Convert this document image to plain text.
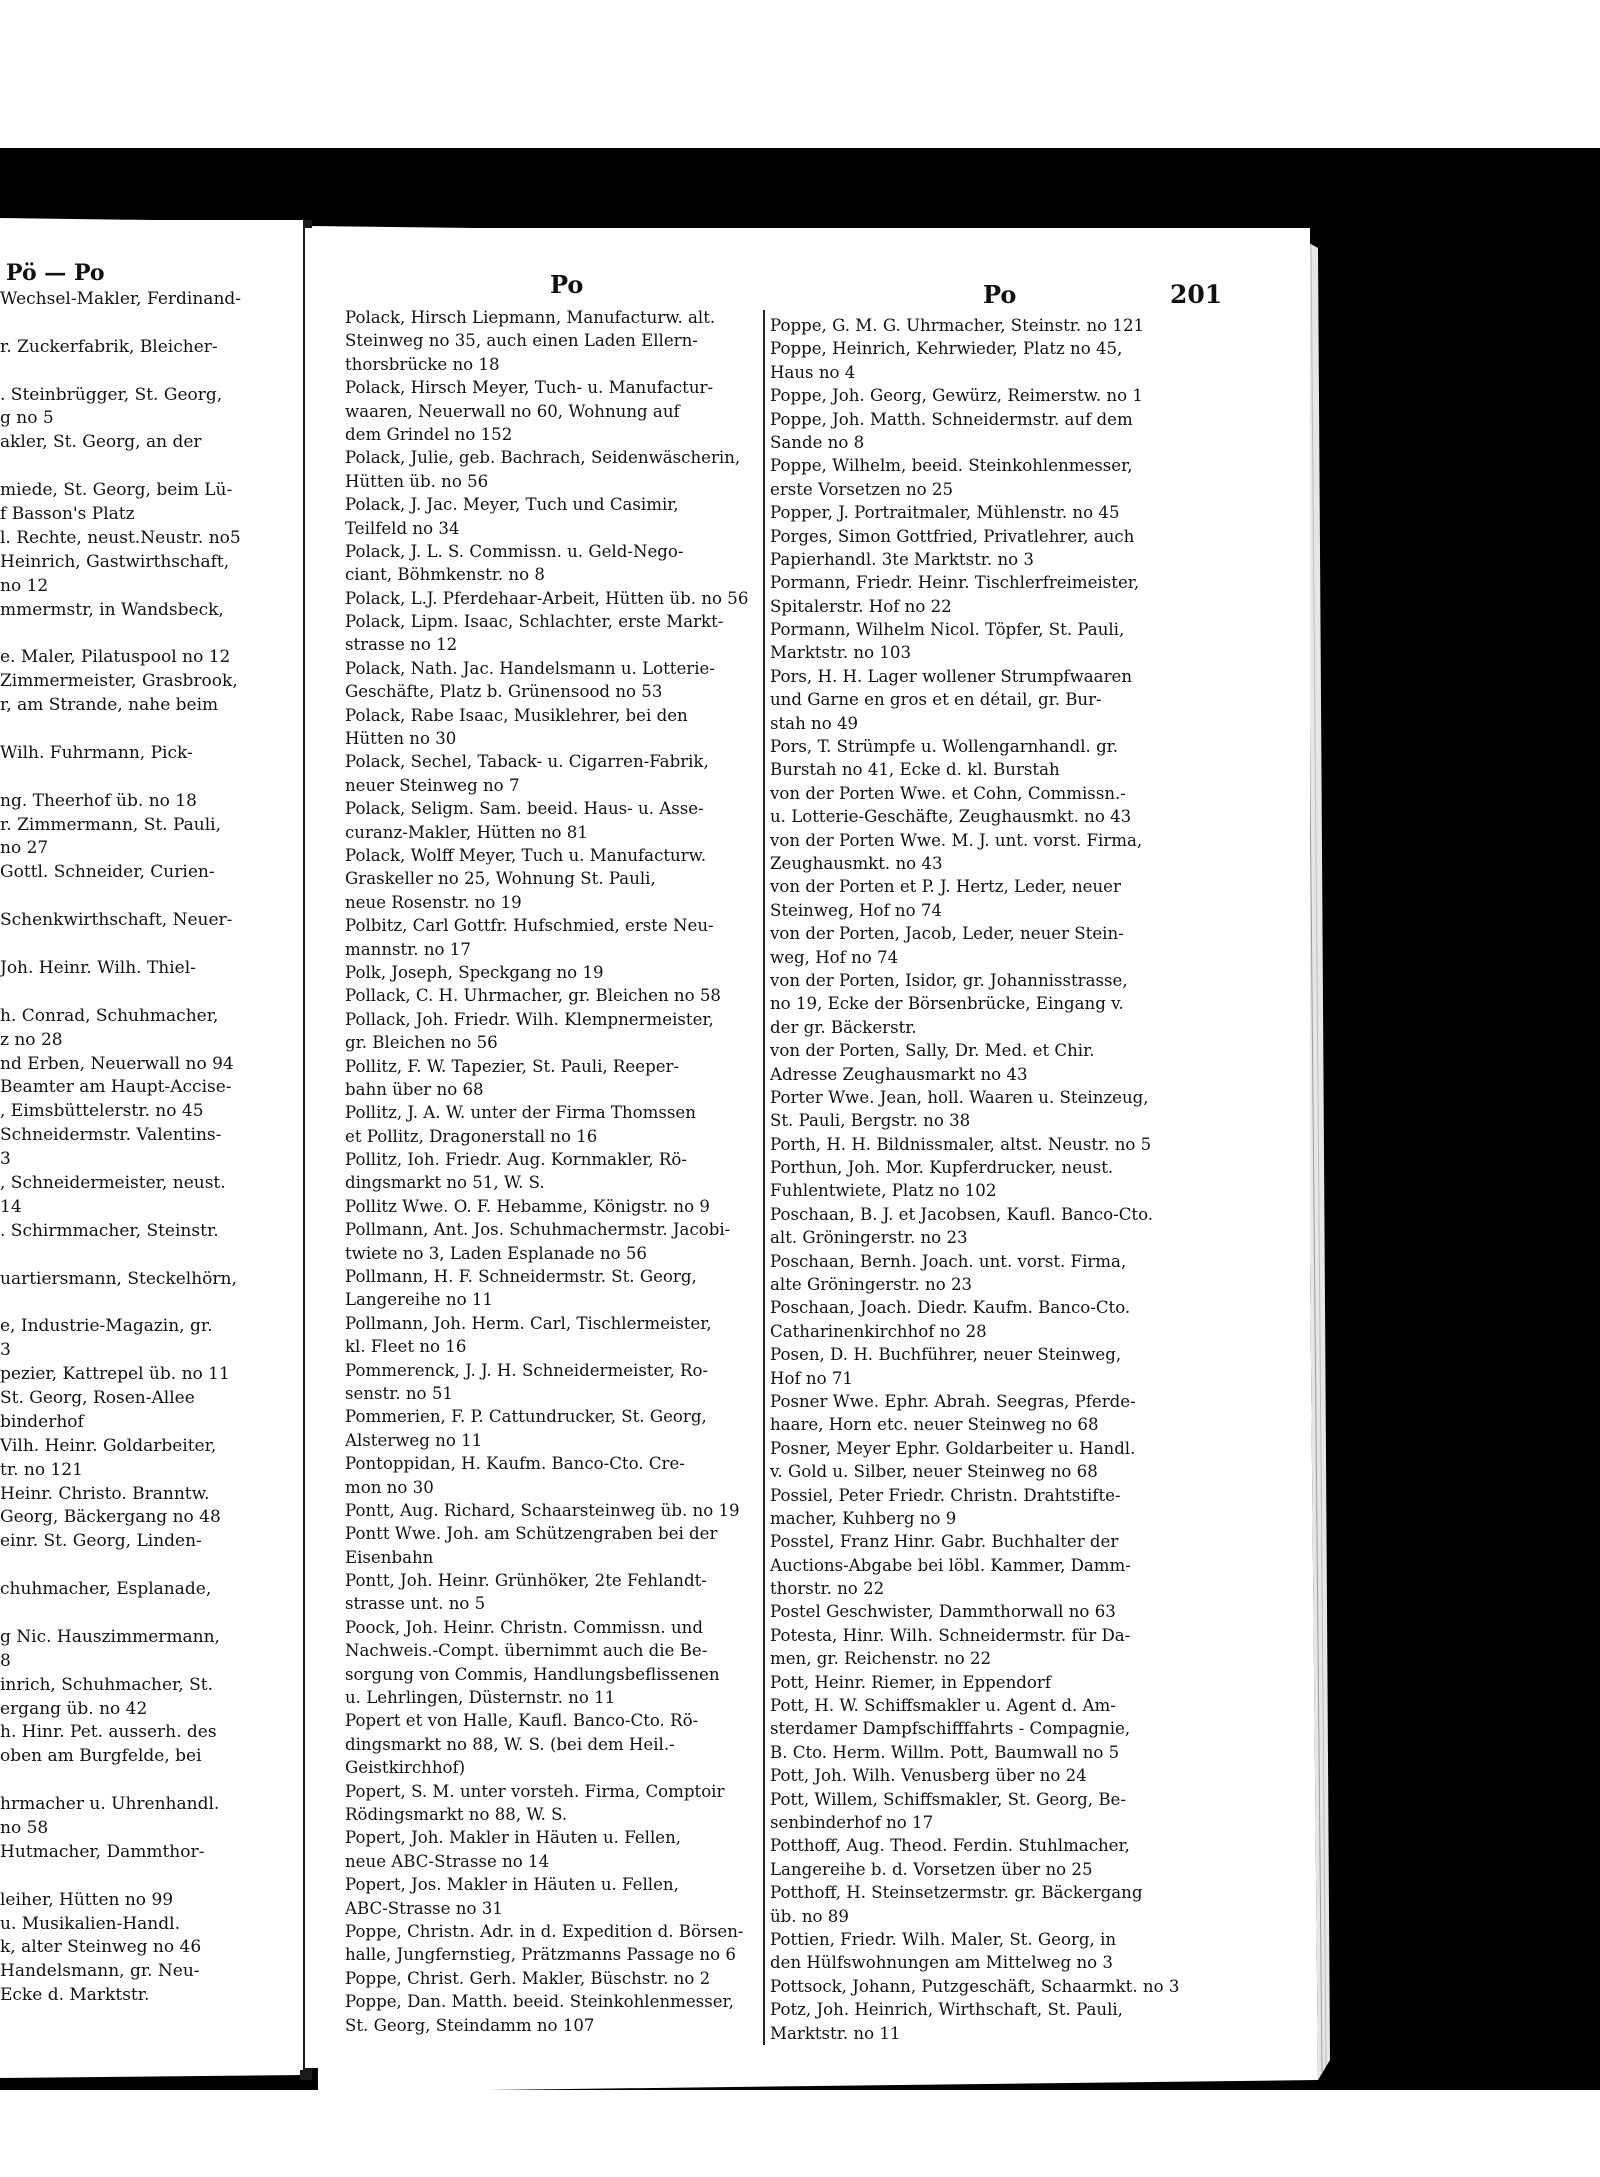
Pö — Po
Wechsel-Makler, Ferdinand-
r. Zuckerfabrik, Bleicher-
. Steinbrügger, St. Georg,
g no 5
akler, St. Georg, an der
miede, St. Georg, beim Lü-
f Basson's Platz
l. Rechte, neust.Neustr. no5
Heinrich, Gastwirthschaft,
no 12
mmermstr, in Wandsbeck,
e. Maler, Pilatuspool no 12
Zimmermeister, Grasbrook,
r, am Strande, nahe beim
Wilh. Fuhrmann, Pick-
ng. Theerhof üb. no 18
r. Zimmermann, St. Pauli,
no 27
Gottl. Schneider, Curien-
Schenkwirthschaft, Neuer-
Joh. Heinr. Wilh. Thiel-
h. Conrad, Schuhmacher,
z no 28
nd Erben, Neuerwall no 94
Beamter am Haupt-Accise-
, Eimsbüttelerstr. no 45
Schneidermstr. Valentins-
3
, Schneidermeister, neust.
14
. Schirmmacher, Steinstr.
uartiersmann, Steckelhörn,
e, Industrie-Magazin, gr.
3
pezier, Kattrepel üb. no 11
St. Georg, Rosen-Allee
binderhof
Vilh. Heinr. Goldarbeiter,
tr. no 121
Heinr. Christo. Branntw.
Georg, Bäckergang no 48
einr. St. Georg, Linden-
chuhmacher, Esplanade,
g Nic. Hauszimmermann,
8
inrich, Schuhmacher, St.
ergang üb. no 42
h. Hinr. Pet. ausserh. des
oben am Burgfelde, bei
hrmacher u. Uhrenhandl.
no 58
Hutmacher, Dammthor-
leiher, Hütten no 99
u. Musikalien-Handl.
k, alter Steinweg no 46
Handelsmann, gr. Neu-
Ecke d. Marktstr.
Po	Po	201
Polack, Hirsch Liepmann, Manufacturw. alt.
Steinweg no 35, auch einen Laden Ellern-
thorsbrücke no 18
Polack, Hirsch Meyer, Tuch- u. Manufactur-
waaren, Neuerwall no 60, Wohnung auf
dem Grindel no 152
Polack, Julie, geb. Bachrach, Seidenwäscherin,
Hütten üb. no 56
Polack, J. Jac. Meyer, Tuch und Casimir,
Teilfeld no 34
Polack, J. L. S. Commissn. u. Geld-Nego-
ciant, Böhmkenstr. no 8
Polack, L.J. Pferdehaar-Arbeit, Hütten üb. no 56
Polack, Lipm. Isaac, Schlachter, erste Markt-
strasse no 12
Polack, Nath. Jac. Handelsmann u. Lotterie-
Geschäfte, Platz b. Grünensood no 53
Polack, Rabe Isaac, Musiklehrer, bei den
Hütten no 30
Polack, Sechel, Taback- u. Cigarren-Fabrik,
neuer Steinweg no 7
Polack, Seligm. Sam. beeid. Haus- u. Asse-
curanz-Makler, Hütten no 81
Polack, Wolff Meyer, Tuch u. Manufacturw.
Graskeller no 25, Wohnung St. Pauli,
neue Rosenstr. no 19
Polbitz, Carl Gottfr. Hufschmied, erste Neu-
mannstr. no 17
Polk, Joseph, Speckgang no 19
Pollack, C. H. Uhrmacher, gr. Bleichen no 58
Pollack, Joh. Friedr. Wilh. Klempnermeister,
gr. Bleichen no 56
Pollitz, F. W. Tapezier, St. Pauli, Reeper-
bahn über no 68
Pollitz, J. A. W. unter der Firma Thomssen
et Pollitz, Dragonerstall no 16
Pollitz, Ioh. Friedr. Aug. Kornmakler, Rö-
dingsmarkt no 51, W. S.
Pollitz Wwe. O. F. Hebamme, Königstr. no 9
Pollmann, Ant. Jos. Schuhmachermstr. Jacobi-
twiete no 3, Laden Esplanade no 56
Pollmann, H. F. Schneidermstr. St. Georg,
Langereihe no 11
Pollmann, Joh. Herm. Carl, Tischlermeister,
kl. Fleet no 16
Pommerenck, J. J. H. Schneidermeister, Ro-
senstr. no 51
Pommerien, F. P. Cattundrucker, St. Georg,
Alsterweg no 11
Pontoppidan, H. Kaufm. Banco-Cto. Cre-
mon no 30
Pontt, Aug. Richard, Schaarsteinweg üb. no 19
Pontt Wwe. Joh. am Schützengraben bei der
Eisenbahn
Pontt, Joh. Heinr. Grünhöker, 2te Fehlandt-
strasse unt. no 5
Poock, Joh. Heinr. Christn. Commissn. und
Nachweis.-Compt. übernimmt auch die Be-
sorgung von Commis, Handlungsbeflissenen
u. Lehrlingen, Düsternstr. no 11
Popert et von Halle, Kaufl. Banco-Cto. Rö-
dingsmarkt no 88, W. S. (bei dem Heil.-
Geistkirchhof)
Popert, S. M. unter vorsteh. Firma, Comptoir
Rödingsmarkt no 88, W. S.
Popert, Joh. Makler in Häuten u. Fellen,
neue ABC-Strasse no 14
Popert, Jos. Makler in Häuten u. Fellen,
ABC-Strasse no 31
Poppe, Christn. Adr. in d. Expedition d. Börsen-
halle, Jungfernstieg, Prätzmanns Passage no 6
Poppe, Christ. Gerh. Makler, Büschstr. no 2
Poppe, Dan. Matth. beeid. Steinkohlenmesser,
St. Georg, Steindamm no 107
Poppe, G. M. G. Uhrmacher, Steinstr. no 121
Poppe, Heinrich, Kehrwieder, Platz no 45,
Haus no 4
Poppe, Joh. Georg, Gewürz, Reimerstw. no 1
Poppe, Joh. Matth. Schneidermstr. auf dem
Sande no 8
Poppe, Wilhelm, beeid. Steinkohlenmesser,
erste Vorsetzen no 25
Popper, J. Portraitmaler, Mühlenstr. no 45
Porges, Simon Gottfried, Privatlehrer, auch
Papierhandl. 3te Marktstr. no 3
Pormann, Friedr. Heinr. Tischlerfreimeister,
Spitalerstr. Hof no 22
Pormann, Wilhelm Nicol. Töpfer, St. Pauli,
Marktstr. no 103
Pors, H. H. Lager wollener Strumpfwaaren
und Garne en gros et en détail, gr. Bur-
stah no 49
Pors, T. Strümpfe u. Wollengarnhandl. gr.
Burstah no 41, Ecke d. kl. Burstah
von der Porten Wwe. et Cohn, Commissn.-
u. Lotterie-Geschäfte, Zeughausmkt. no 43
von der Porten Wwe. M. J. unt. vorst. Firma,
Zeughausmkt. no 43
von der Porten et P. J. Hertz, Leder, neuer
Steinweg, Hof no 74
von der Porten, Jacob, Leder, neuer Stein-
weg, Hof no 74
von der Porten, Isidor, gr. Johannisstrasse,
no 19, Ecke der Börsenbrücke, Eingang v.
der gr. Bäckerstr.
von der Porten, Sally, Dr. Med. et Chir.
Adresse Zeughausmarkt no 43
Porter Wwe. Jean, holl. Waaren u. Steinzeug,
St. Pauli, Bergstr. no 38
Porth, H. H. Bildnissmaler, altst. Neustr. no 5
Porthun, Joh. Mor. Kupferdrucker, neust.
Fuhlentwiete, Platz no 102
Poschaan, B. J. et Jacobsen, Kaufl. Banco-Cto.
alt. Gröningerstr. no 23
Poschaan, Bernh. Joach. unt. vorst. Firma,
alte Gröningerstr. no 23
Poschaan, Joach. Diedr. Kaufm. Banco-Cto.
Catharinenkirchhof no 28
Posen, D. H. Buchführer, neuer Steinweg,
Hof no 71
Posner Wwe. Ephr. Abrah. Seegras, Pferde-
haare, Horn etc. neuer Steinweg no 68
Posner, Meyer Ephr. Goldarbeiter u. Handl.
v. Gold u. Silber, neuer Steinweg no 68
Possiel, Peter Friedr. Christn. Drahtstifte-
macher, Kuhberg no 9
Posstel, Franz Hinr. Gabr. Buchhalter der
Auctions-Abgabe bei löbl. Kammer, Damm-
thorstr. no 22
Postel Geschwister, Dammthorwall no 63
Potesta, Hinr. Wilh. Schneidermstr. für Da-
men, gr. Reichenstr. no 22
Pott, Heinr. Riemer, in Eppendorf
Pott, H. W. Schiffsmakler u. Agent d. Am-
sterdamer Dampfschifffahrts - Compagnie,
B. Cto. Herm. Willm. Pott, Baumwall no 5
Pott, Joh. Wilh. Venusberg über no 24
Pott, Willem, Schiffsmakler, St. Georg, Be-
senbinderhof no 17
Potthoff, Aug. Theod. Ferdin. Stuhlmacher,
Langereihe b. d. Vorsetzen über no 25
Potthoff, H. Steinsetzermstr. gr. Bäckergang
üb. no 89
Pottien, Friedr. Wilh. Maler, St. Georg, in
den Hülfswohnungen am Mittelweg no 3
Pottsock, Johann, Putzgeschäft, Schaarmkt. no 3
Potz, Joh. Heinrich, Wirthschaft, St. Pauli,
Marktstr. no 11
